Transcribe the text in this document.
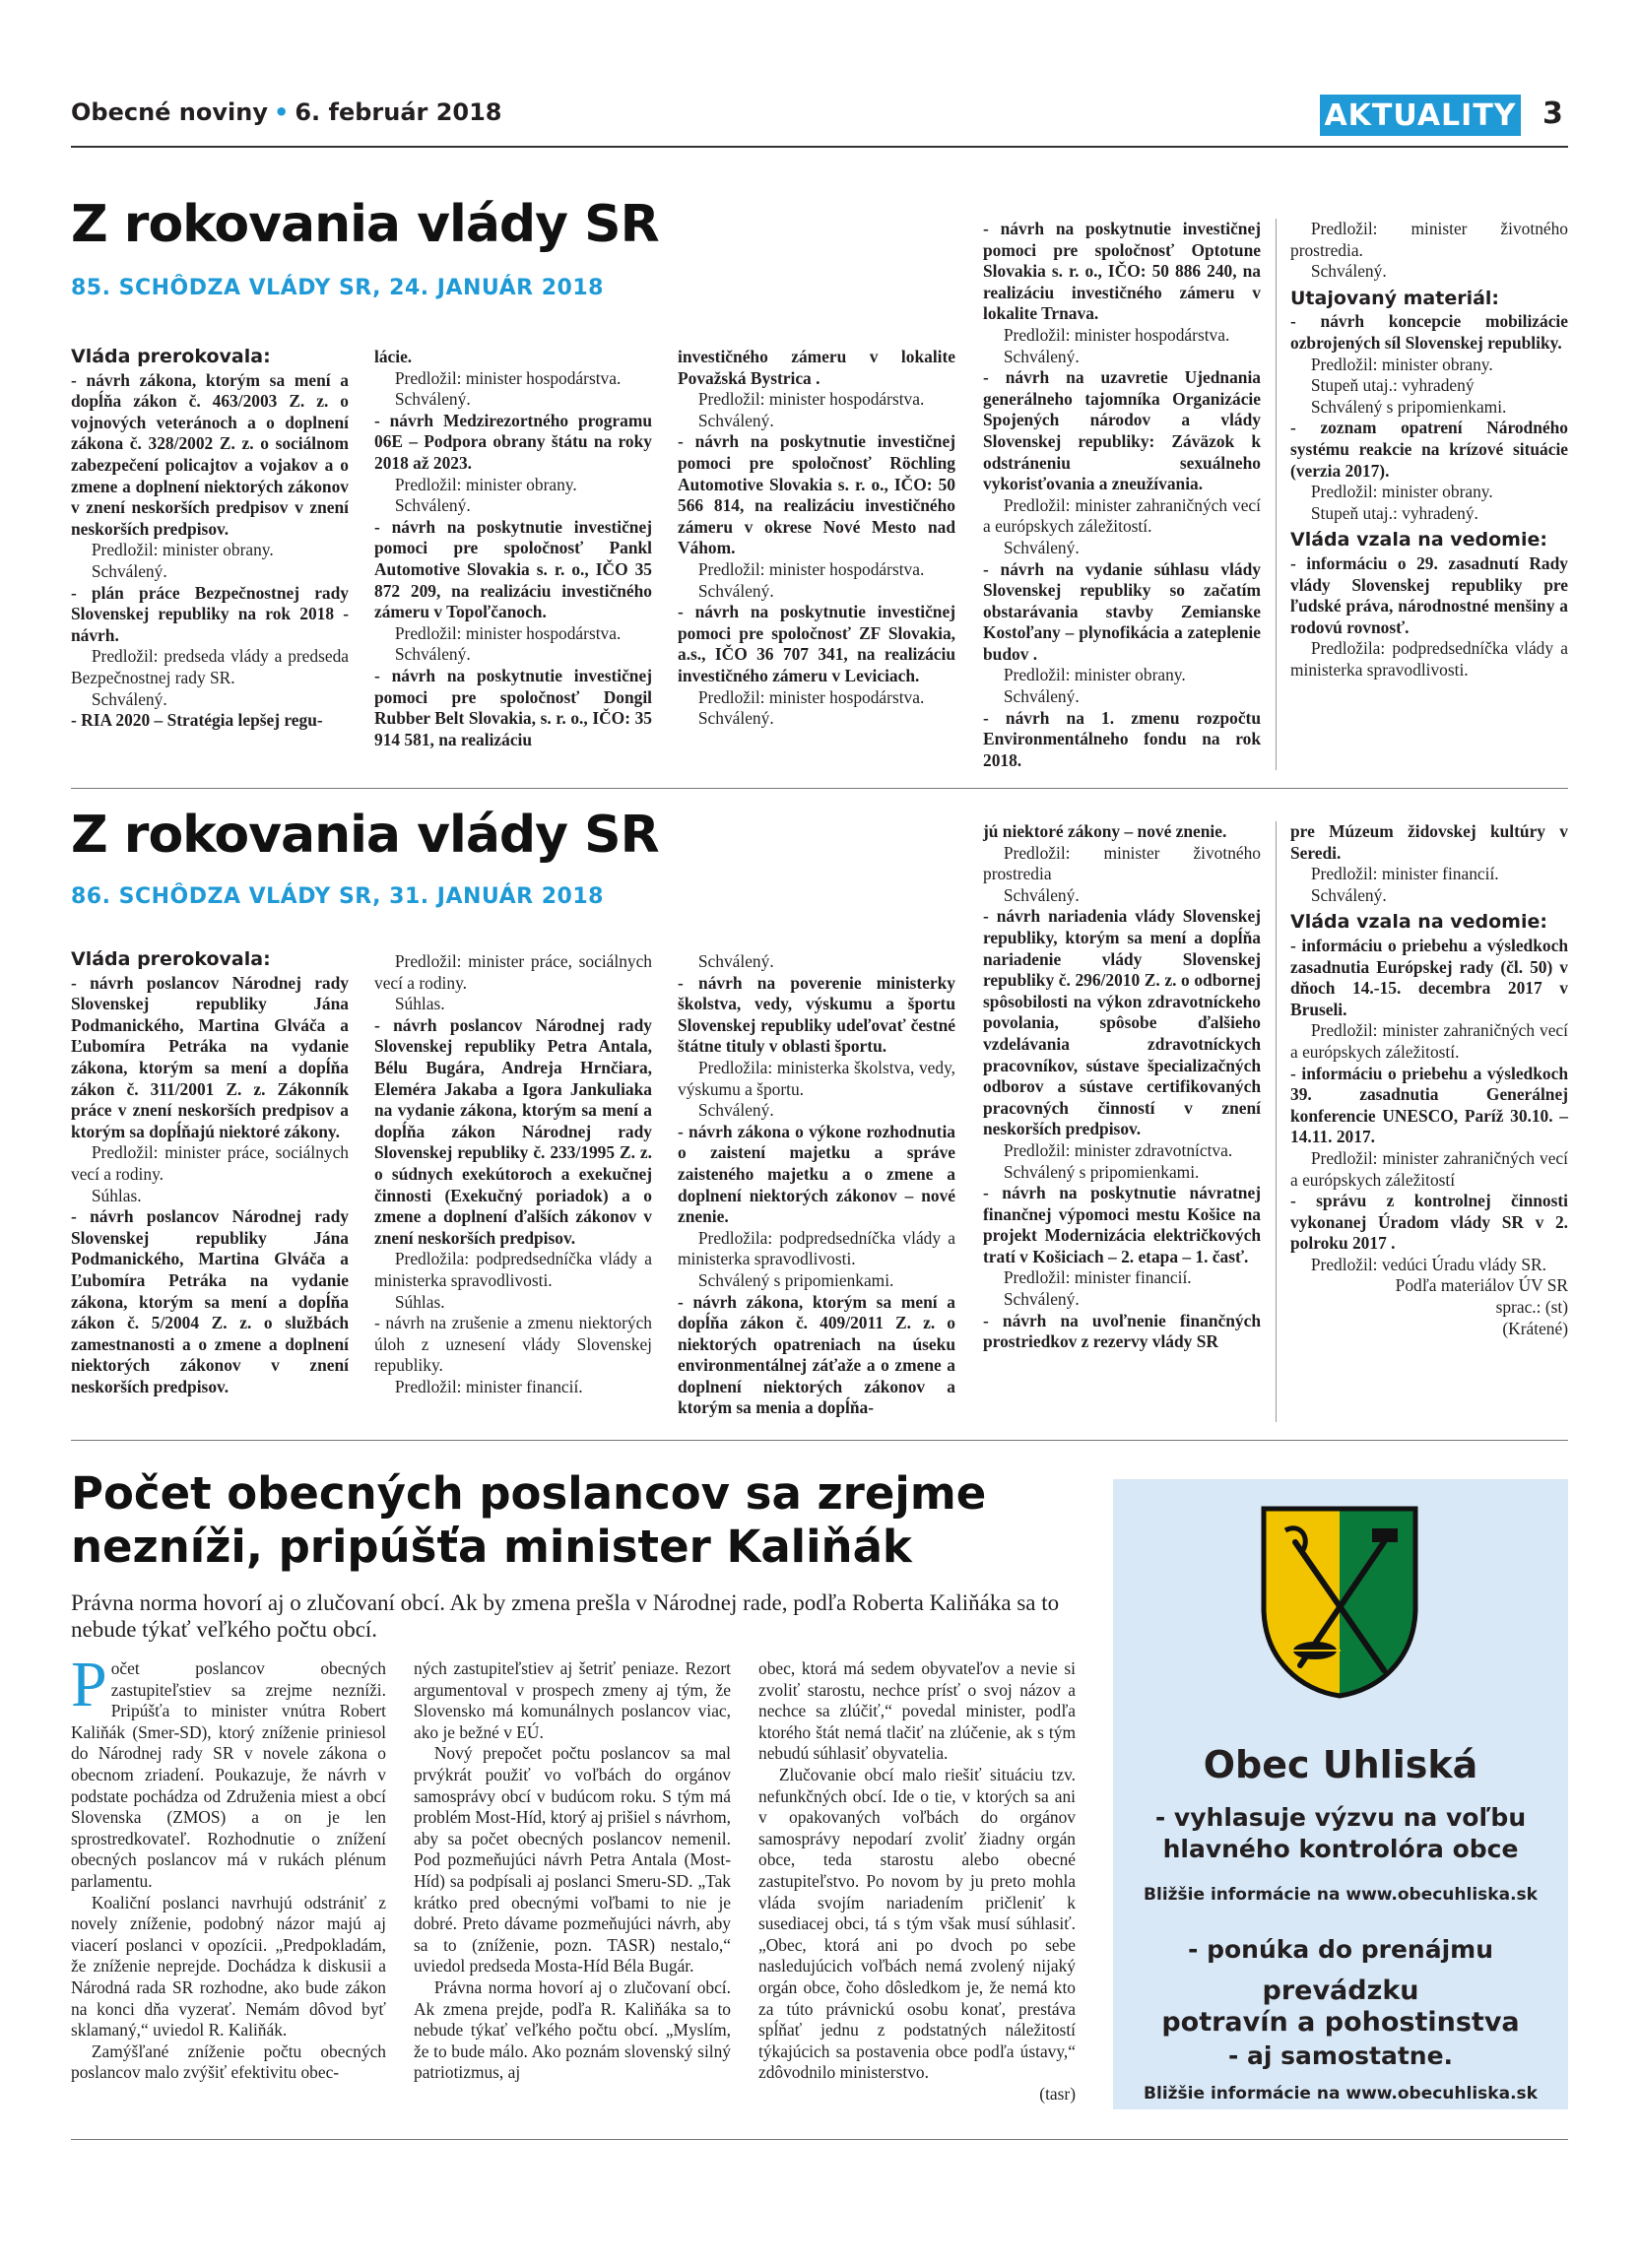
Obecné noviny • 6. február 2018	AKTUALITY 3
Z rokovania vlády SR
85. SCHÔDZA VLÁDY SR, 24. JANUÁR 2018

Vláda prerokovala:

- návrh zákona, ktorým sa mení a dopĺňa zákon č. 463/2003 Z. z. o vojnových veteránoch a o doplnení zákona č. 328/2002 Z. z. o sociálnom zabezpečení policajtov a vojakov a o zmene a doplnení niektorých zákonov v znení neskorších predpisov v znení neskorších predpisov.

Predložil: minister obrany.

Schválený.

- plán práce Bezpečnostnej rady Slovenskej republiky na rok 2018 - návrh.

Predložil: predseda vlády a predseda Bezpečnostnej rady SR.

Schválený.

- RIA 2020 – Stratégia lepšej regu-

lácie.

Predložil: minister hospodárstva.

Schválený.

- návrh Medzirezortného programu 06E – Podpora obrany štátu na roky 2018 až 2023.

Predložil: minister obrany.

Schválený.

- návrh na poskytnutie investičnej pomoci pre spoločnosť Pankl Automotive Slovakia s. r. o., IČO 35 872 209, na realizáciu investičného zámeru v Topoľčanoch.

Predložil: minister hospodárstva.

Schválený.

- návrh na poskytnutie investičnej pomoci pre spoločnosť Dongil Rubber Belt Slovakia, s. r. o., IČO: 35 914 581, na realizáciu

investičného zámeru v lokalite Považská Bystrica .

Predložil: minister hospodárstva.

Schválený.

- návrh na poskytnutie investičnej pomoci pre spoločnosť Röchling Automotive Slovakia s. r. o., IČO: 50 566 814, na realizáciu investičného zámeru v okrese Nové Mesto nad Váhom.

Predložil: minister hospodárstva.

Schválený.

- návrh na poskytnutie investičnej pomoci pre spoločnosť ZF Slovakia, a.s., IČO 36 707 341, na realizáciu investičného zámeru v Leviciach.

Predložil: minister hospodárstva.

Schválený.

- návrh na poskytnutie investičnej pomoci pre spoločnosť Optotune Slovakia s. r. o., IČO: 50 886 240, na realizáciu investičného zámeru v lokalite Trnava.

Predložil: minister hospodárstva.

Schválený.

- návrh na uzavretie Ujednania generálneho tajomníka Organizácie Spojených národov a vlády Slovenskej republiky: Záväzok k odstráneniu sexuálneho vykorisťovania a zneužívania.

Predložil: minister zahraničných vecí a európskych záležitostí.

Schválený.

- návrh na vydanie súhlasu vlády Slovenskej republiky so začatím obstarávania stavby Zemianske Kostoľany – plynofikácia a zateplenie budov .

Predložil: minister obrany.

Schválený.

- návrh na 1. zmenu rozpočtu Environmentálneho fondu na rok 2018.

Predložil: minister životného prostredia.

Schválený.

Utajovaný materiál:

- návrh koncepcie mobilizácie ozbrojených síl Slovenskej republiky.

Predložil: minister obrany.

Stupeň utaj.: vyhradený

Schválený s pripomienkami.

- zoznam opatrení Národného systému reakcie na krízové situácie (verzia 2017).

Predložil: minister obrany.

Stupeň utaj.: vyhradený.

Vláda vzala na vedomie:

- informáciu o 29. zasadnutí Rady vlády Slovenskej republiky pre ľudské práva, národnostné menšiny a rodovú rovnosť.

Predložila: podpredsedníčka vlády a ministerka spravodlivosti.

Z rokovania vlády SR
86. SCHÔDZA VLÁDY SR, 31. JANUÁR 2018

Vláda prerokovala:

- návrh poslancov Národnej rady Slovenskej republiky Jána Podmanického, Martina Glváča a Ľubomíra Petráka na vydanie zákona, ktorým sa mení a dopĺňa zákon č. 311/2001 Z. z. Zákonník práce v znení neskorších predpisov a ktorým sa dopĺňajú niektoré zákony.

Predložil: minister práce, sociálnych vecí a rodiny.

Súhlas.

- návrh poslancov Národnej rady Slovenskej republiky Jána Podmanického, Martina Glváča a Ľubomíra Petráka na vydanie zákona, ktorým sa mení a dopĺňa zákon č. 5/2004 Z. z. o službách zamestnanosti a o zmene a doplnení niektorých zákonov v znení neskorších predpisov.

Predložil: minister práce, sociálnych vecí a rodiny.

Súhlas.

- návrh poslancov Národnej rady Slovenskej republiky Petra Antala, Bélu Bugára, Andreja Hrnčiara, Eleméra Jakaba a Igora Jankuliaka na vydanie zákona, ktorým sa mení a dopĺňa zákon Národnej rady Slovenskej republiky č. 233/1995 Z. z. o súdnych exekútoroch a exekučnej činnosti (Exekučný poriadok) a o zmene a doplnení ďalších zákonov v znení neskorších predpisov.

Predložila: podpredsedníčka vlády a ministerka spravodlivosti.

Súhlas.

- návrh na zrušenie a zmenu niektorých úloh z uznesení vlády Slovenskej republiky.

Predložil: minister financií.

Schválený.

- návrh na poverenie ministerky školstva, vedy, výskumu a športu Slovenskej republiky udeľovať čestné štátne tituly v oblasti športu.

Predložila: ministerka školstva, vedy, výskumu a športu.

Schválený.

- návrh zákona o výkone rozhodnutia o zaistení majetku a správe zaisteného majetku a o zmene a doplnení niektorých zákonov – nové znenie.

Predložila: podpredsedníčka vlády a ministerka spravodlivosti.

Schválený s pripomienkami.

- návrh zákona, ktorým sa mení a dopĺňa zákon č. 409/2011 Z. z. o niektorých opatreniach na úseku environmentálnej záťaže a o zmene a doplnení niektorých zákonov a ktorým sa menia a dopĺňa-

jú niektoré zákony – nové znenie.

Predložil: minister životného prostredia

Schválený.

- návrh nariadenia vlády Slovenskej republiky, ktorým sa mení a dopĺňa nariadenie vlády Slovenskej republiky č. 296/2010 Z. z. o odbornej spôsobilosti na výkon zdravotníckeho povolania, spôsobe ďalšieho vzdelávania zdravotníckych pracovníkov, sústave špecializačných odborov a sústave certifikovaných pracovných činností v znení neskorších predpisov.

Predložil: minister zdravotníctva.

Schválený s pripomienkami.

- návrh na poskytnutie návratnej finančnej výpomoci mestu Košice na projekt Modernizácia električkových tratí v Košiciach – 2. etapa – 1. časť.

Predložil: minister financií.

Schválený.

- návrh na uvoľnenie finančných prostriedkov z rezervy vlády SR

pre Múzeum židovskej kultúry v Seredi.

Predložil: minister financií.

Schválený.

Vláda vzala na vedomie:

- informáciu o priebehu a výsledkoch zasadnutia Európskej rady (čl. 50) v dňoch 14.-15. decembra 2017 v Bruseli.

Predložil: minister zahraničných vecí a európskych záležitostí.

- informáciu o priebehu a výsledkoch 39. zasadnutia Generálnej konferencie UNESCO, Paríž 30.10. – 14.11. 2017.

Predložil: minister zahraničných vecí a európskych záležitostí

- správu z kontrolnej činnosti vykonanej Úradom vlády SR v 2. polroku 2017 .

Predložil: vedúci Úradu vlády SR.

Podľa materiálov ÚV SR

sprac.: (st)

(Krátené)

Počet obecných poslancov sa zrejme
nezníži, pripúšťa minister Kaliňák
Právna norma hovorí aj o zlučovaní obcí. Ak by zmena prešla v Národnej rade, podľa Roberta Kaliňáka sa to nebude týkať veľkého počtu obcí.
P očet poslancov obecných zastupiteľstiev sa zrejme nezníži. Pripúšťa to minister vnútra Robert Kaliňák (Smer-SD), ktorý zníženie priniesol do Národnej rady SR v novele zákona o obecnom zriadení. Poukazuje, že návrh v podstate pochádza od Združenia miest a obcí Slovenska (ZMOS) a on je len sprostredkovateľ. Rozhodnutie o znížení obecných poslancov má v rukách plénum parlamentu.

Koaliční poslanci navrhujú odstrániť z novely zníženie, podobný názor majú aj viacerí poslanci v opozícii. „Predpokladám, že zníženie neprejde. Dochádza k diskusii a Národná rada SR rozhodne, ako bude zákon na konci dňa vyzerať. Nemám dôvod byť sklamaný,“ uviedol R. Kaliňák.

Zamýšľané zníženie počtu obecných poslancov malo zvýšiť efektivitu obec-

ných zastupiteľstiev aj šetriť peniaze. Rezort argumentoval v prospech zmeny aj tým, že Slovensko má komunálnych poslancov viac, ako je bežné v EÚ.

Nový prepočet počtu poslancov sa mal prvýkrát použiť vo voľbách do orgánov samosprávy obcí v budúcom roku. S tým má problém Most-Híd, ktorý aj prišiel s návrhom, aby sa počet obecných poslancov nemenil. Pod pozmeňujúci návrh Petra Antala (Most-Híd) sa podpísali aj poslanci Smeru-SD. „Tak krátko pred obecnými voľbami to nie je dobré. Preto dávame pozmeňujúci návrh, aby sa to (zníženie, pozn. TASR) nestalo,“ uviedol predseda Mosta-Híd Béla Bugár.

Právna norma hovorí aj o zlučovaní obcí. Ak zmena prejde, podľa R. Kaliňáka sa to nebude týkať veľkého počtu obcí. „Myslím, že to bude málo. Ako poznám slovenský silný patriotizmus, aj

obec, ktorá má sedem obyvateľov a nevie si zvoliť starostu, nechce prísť o svoj názov a nechce sa zlúčiť,“ povedal minister, podľa ktorého štát nemá tlačiť na zlúčenie, ak s tým nebudú súhlasiť obyvatelia.

Zlučovanie obcí malo riešiť situáciu tzv. nefunkčných obcí. Ide o tie, v ktorých sa ani v opakovaných voľbách do orgánov samosprávy nepodarí zvoliť žiadny orgán obce, teda starostu alebo obecné zastupiteľstvo. Po novom by ju preto mohla vláda svojím nariadením pričleniť k susediacej obci, tá s tým však musí súhlasiť. „Obec, ktorá ani po dvoch po sebe nasledujúcich voľbách nemá zvolený nijaký orgán obce, čoho dôsledkom je, že nemá kto za túto právnickú osobu konať, prestáva spĺňať jednu z podstatných náležitostí týkajúcich sa postavenia obce podľa ústavy,“ zdôvodnilo ministerstvo.

(tasr)

Obec Uhliská
- vyhlasuje výzvu na voľbu
hlavného kontrolóra obce
Bližšie informácie na www.obecuhliska.sk
- ponúka do prenájmu
prevádzku
potravín a pohostinstva
- aj samostatne.
Bližšie informácie na www.obecuhliska.sk
